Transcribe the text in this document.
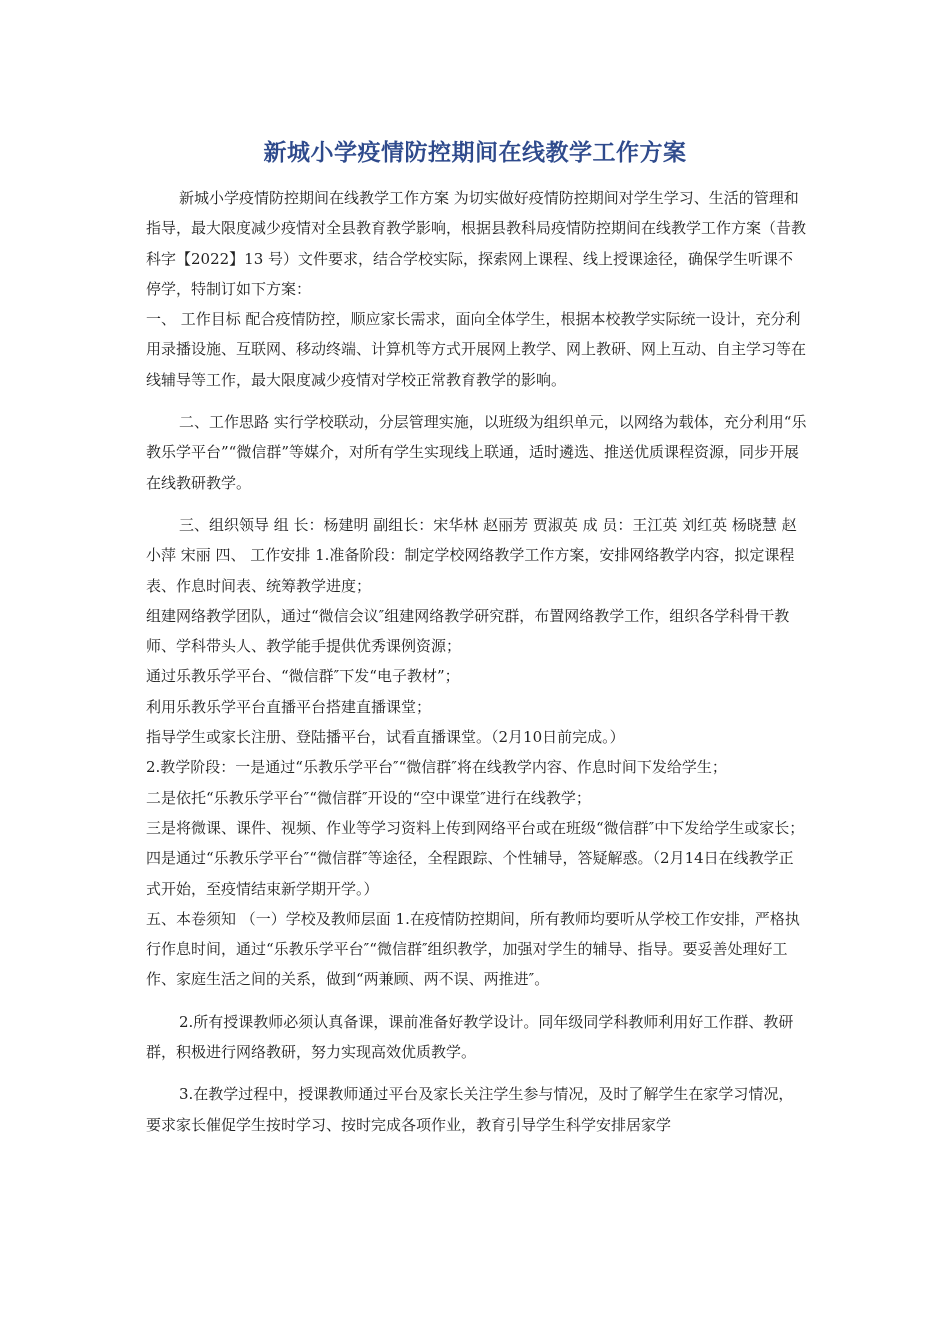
新城小学疫情防控期间在线教学工作方案

新城小学疫情防控期间在线教学工作方案 为切实做好疫情防控期间对学生学习、生活的管理和指导，最大限度减少疫情对全县教育教学影响，根据县教科局疫情防控期间在线教学工作方案（昔教科字【2022】13 号）文件要求，结合学校实际，探索网上课程、线上授课途径，确保学生听课不停学，特制订如下方案：

一、 工作目标 配合疫情防控，顺应家长需求，面向全体学生，根据本校教学实际统一设计，充分利用录播设施、互联网、移动终端、计算机等方式开展网上教学、网上教研、网上互动、自主学习等在线辅导等工作，最大限度减少疫情对学校正常教育教学的影响。

二、工作思路 实行学校联动，分层管理实施，以班级为组织单元，以网络为载体，充分利用“乐教乐学平台”“微信群”等媒介，对所有学生实现线上联通，适时遴选、推送优质课程资源，同步开展在线教研教学。

三、组织领导 组 长：杨建明 副组长：宋华林 赵丽芳 贾淑英 成 员：王江英 刘红英 杨晓慧 赵小萍 宋丽 四、 工作安排 1.准备阶段：制定学校网络教学工作方案，安排网络教学内容，拟定课程表、作息时间表、统筹教学进度；

组建网络教学团队，通过“微信会议″组建网络教学研究群，布置网络教学工作，组织各学科骨干教师、学科带头人、教学能手提供优秀课例资源；

通过乐教乐学平台、“微信群″下发“电子教材”；

利用乐教乐学平台直播平台搭建直播课堂；

指导学生或家长注册、登陆播平台，试看直播课堂。（2月10日前完成。）

2.教学阶段：一是通过“乐教乐学平台″“微信群″将在线教学内容、作息时间下发给学生；

二是依托“乐教乐学平台″“微信群″开设的“空中课堂″进行在线教学；

三是将微课、课件、视频、作业等学习资料上传到网络平台或在班级“微信群″中下发给学生或家长；

四是通过“乐教乐学平台″“微信群″等途径，全程跟踪、个性辅导，答疑解惑。（2月14日在线教学正式开始，至疫情结束新学期开学。）

五、本卷须知 （一）学校及教师层面 1.在疫情防控期间，所有教师均要听从学校工作安排，严格执行作息时间，通过“乐教乐学平台″“微信群″组织教学，加强对学生的辅导、指导。要妥善处理好工作、家庭生活之间的关系，做到“两兼顾、两不误、两推进″。

2.所有授课教师必须认真备课，课前准备好教学设计。同年级同学科教师利用好工作群、教研群，积极进行网络教研，努力实现高效优质教学。

3.在教学过程中，授课教师通过平台及家长关注学生参与情况，及时了解学生在家学习情况，要求家长催促学生按时学习、按时完成各项作业，教育引导学生科学安排居家学
